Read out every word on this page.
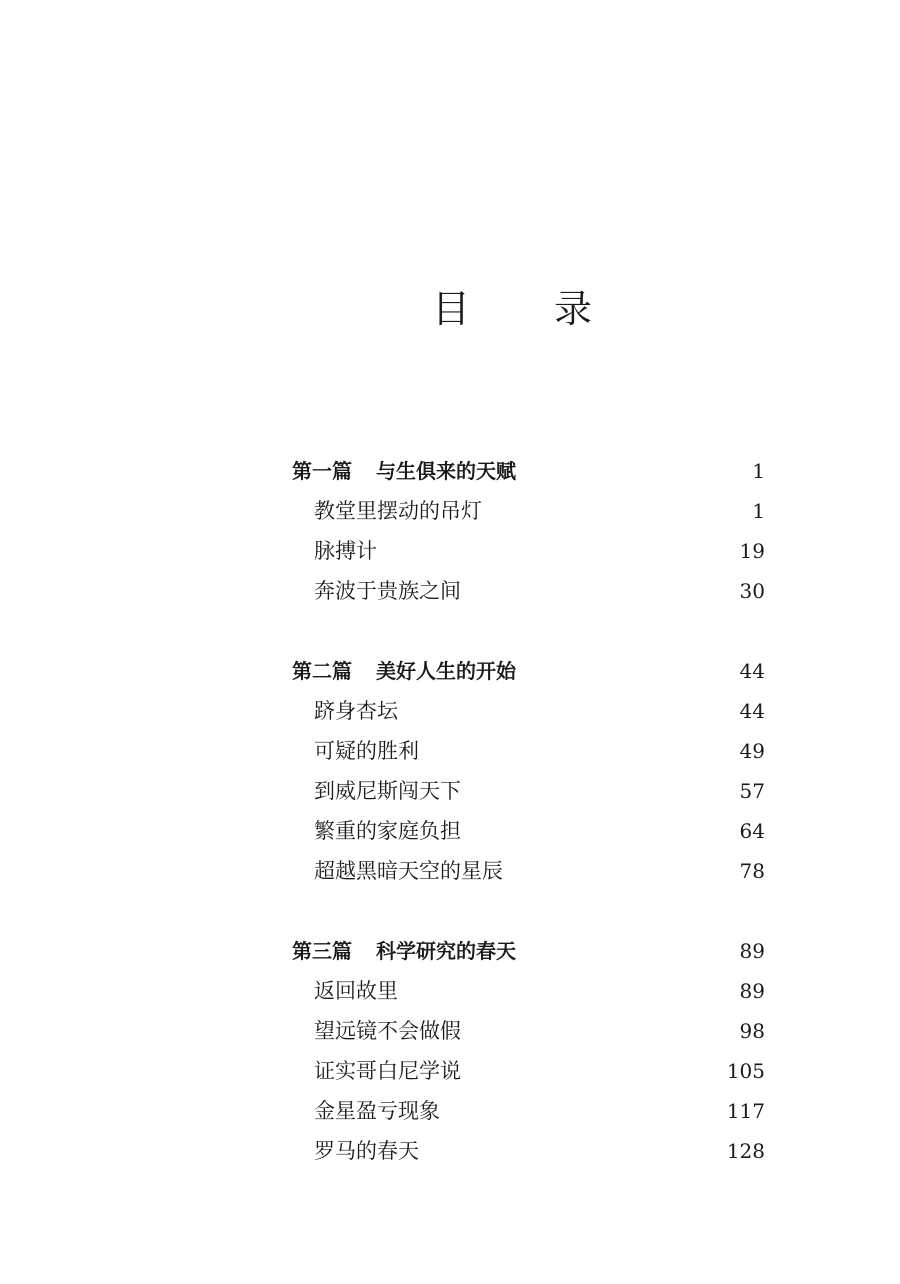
目 录
第一篇 与生俱来的天赋	1
教堂里摆动的吊灯	1
脉搏计	19
奔波于贵族之间	30
第二篇 美好人生的开始	44
跻身杏坛	44
可疑的胜利	49
到威尼斯闯天下	57
繁重的家庭负担	64
超越黑暗天空的星辰	78
第三篇 科学研究的春天	89
返回故里	89
望远镜不会做假	98
证实哥白尼学说	105
金星盈亏现象	117
罗马的春天	128
